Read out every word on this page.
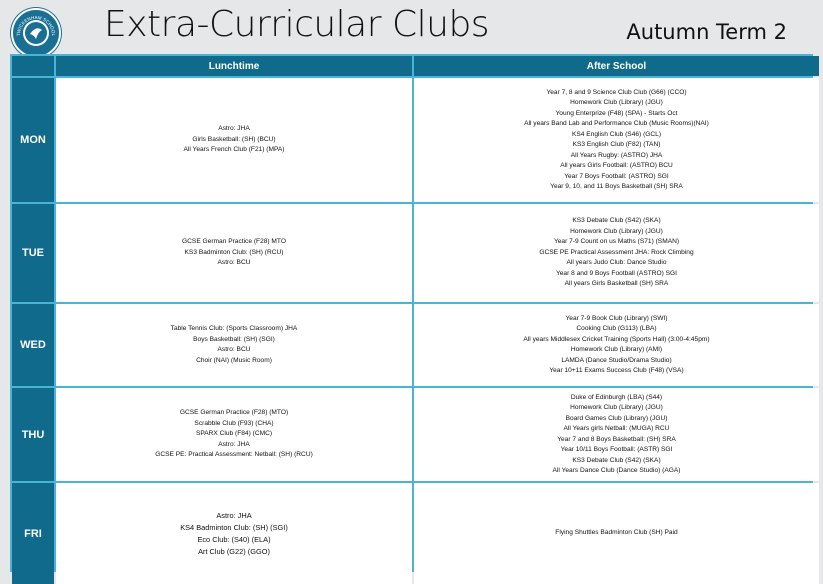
TWICKENHAM SCHOOL Extra-Curricular Clubs	Autumn Term 2
Lunchtime	After School
MON
Astro: JHA
Girls Basketball: (SH) (BCU)
All Years French Club (F21) (MPA)
Year 7, 8 and 9 Science Club Club (G66) (CCO)
Homework Club (Library) (JGU)
Young Enterprize (F48) (SPA) - Starts Oct
All years Band Lab and Performance Club (Music Rooms)(NAI)
KS4 English Club (S46) (GCL)
KS3 English Club (F82) (TAN)
All Years Rugby: (ASTRO) JHA
All years Girls Football: (ASTRO) BCU
Year 7 Boys Football: (ASTRO) SGI
Year 9, 10, and 11 Boys Basketball (SH) SRA
TUE
GCSE German Practice (F28) MTO
KS3 Badminton Club: (SH) (RCU)
Astro: BCU
KS3 Debate Club (S42) (SKA)
Homework Club (Library) (JGU)
Year 7-9 Count on us Maths (S71) (SMAN)
GCSE PE Practical Assessment JHA: Rock Climbing
All years Judo Club: Dance Studio
Year 8 and 9 Boys Football (ASTRO) SGI
All years Girls Basketball (SH) SRA
WED
Table Tennis Club: (Sports Classroom) JHA
Boys Basketball: (SH) (SGI)
Astro: BCU
Choir (NAI) (Music Room)
Year 7-9 Book Club (Library) (SWI)
Cooking Club (G113) (LBA)
All years Middlesex Cricket Training (Sports Hall) (3:00-4:45pm)
Homework Club (Library) (AMI)
LAMDA (Dance Studio/Drama Studio)
Year 10+11 Exams Success Club (F48) (VSA)
THU
GCSE German Practice (F28) (MTO)
Scrabble Club (F93) (CHA)
SPARX Club (F84) (CMC)
Astro: JHA
GCSE PE: Practical Assessment: Netball: (SH) (RCU)
Duke of Edinburgh (LBA) (S44)
Homework Club (Library) (JGU)
Board Games Club (Library) (JGU)
All Years girls Netball: (MUGA) RCU
Year 7 and 8 Boys Basketball: (SH) SRA
Year 10/11 Boys Football: (ASTR) SGI
KS3 Debate Club (S42) (SKA)
All Years Dance Club (Dance Studio) (AGA)
FRI
Astro: JHA
KS4 Badminton Club: (SH) (SGI)
Eco Club: (S40) (ELA)
Art Club (G22) (GGO)
Flying Shuttles Badminton Club (SH) Paid
